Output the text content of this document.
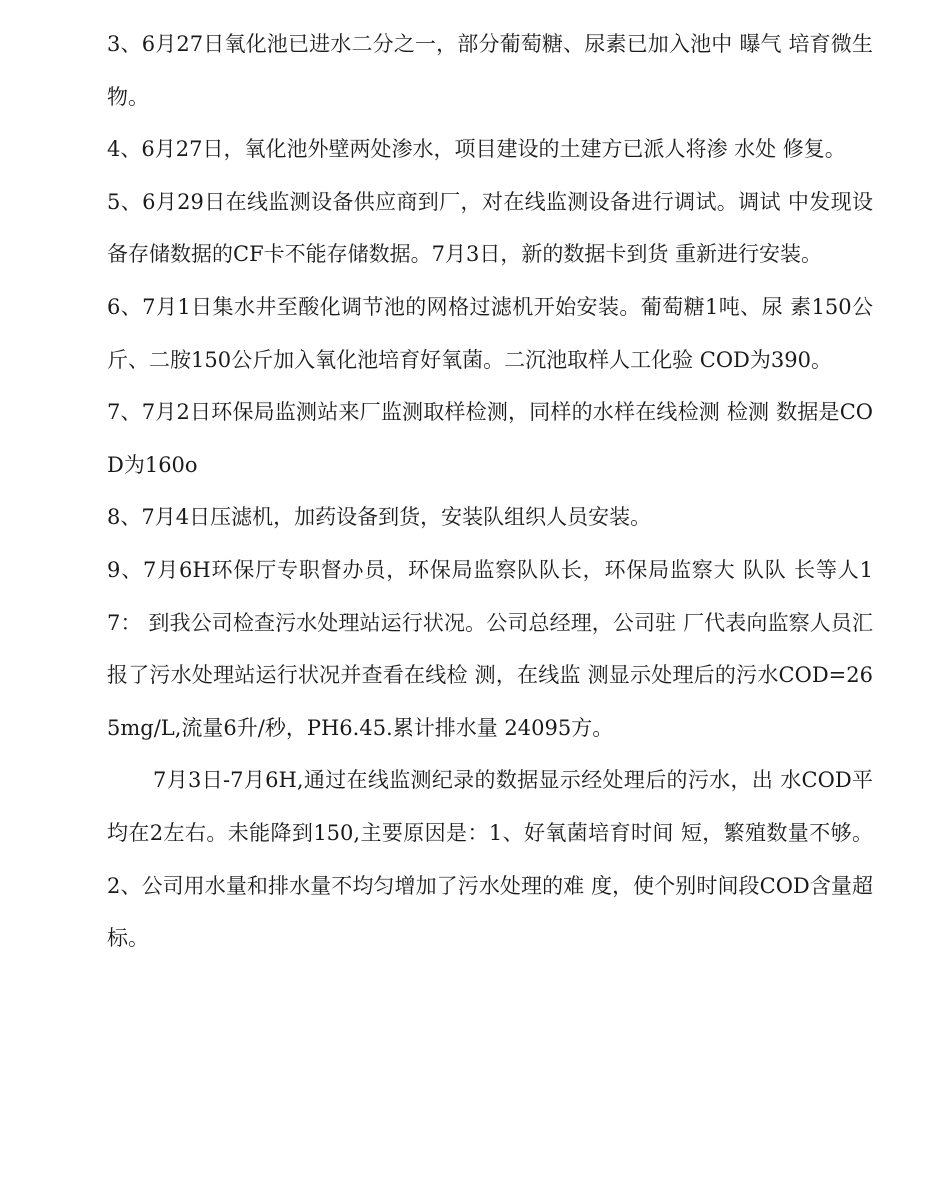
3、6月27日氧化池已进水二分之一，部分葡萄糖、尿素已加入池中 曝气 培育微生物。

4、6月27日，氧化池外壁两处渗水，项目建设的土建方已派人将渗 水处 修复。

5、6月29日在线监测设备供应商到厂，对在线监测设备进行调试。调试 中发现设备存储数据的CF卡不能存储数据。7月3日，新的数据卡到货 重新进行安装。

6、7月1日集水井至酸化调节池的网格过滤机开始安装。葡萄糖1吨、尿 素150公斤、二胺150公斤加入氧化池培育好氧菌。二沉池取样人工化验 COD为390。

7、7月2日环保局监测站来厂监测取样检测，同样的水样在线检测 检测 数据是COD为160o

8、7月4日压滤机，加药设备到货，安装队组织人员安装。

9、7月6H环保厅专职督办员，环保局监察队队长，环保局监察大 队队 长等人17： 到我公司检查污水处理站运行状况。公司总经理，公司驻 厂代表向监察人员汇报了污水处理站运行状况并查看在线检 测，在线监 测显示处理后的污水COD=265mg/L,流量6升/秒，PH6.45.累计排水量 24095方。

7月3日-7月6H,通过在线监测纪录的数据显示经处理后的污水，出 水COD平均在2左右。未能降到150,主要原因是：1、好氧菌培育时间 短，繁殖数量不够。2、公司用水量和排水量不均匀增加了污水处理的难 度，使个别时间段COD含量超标。
